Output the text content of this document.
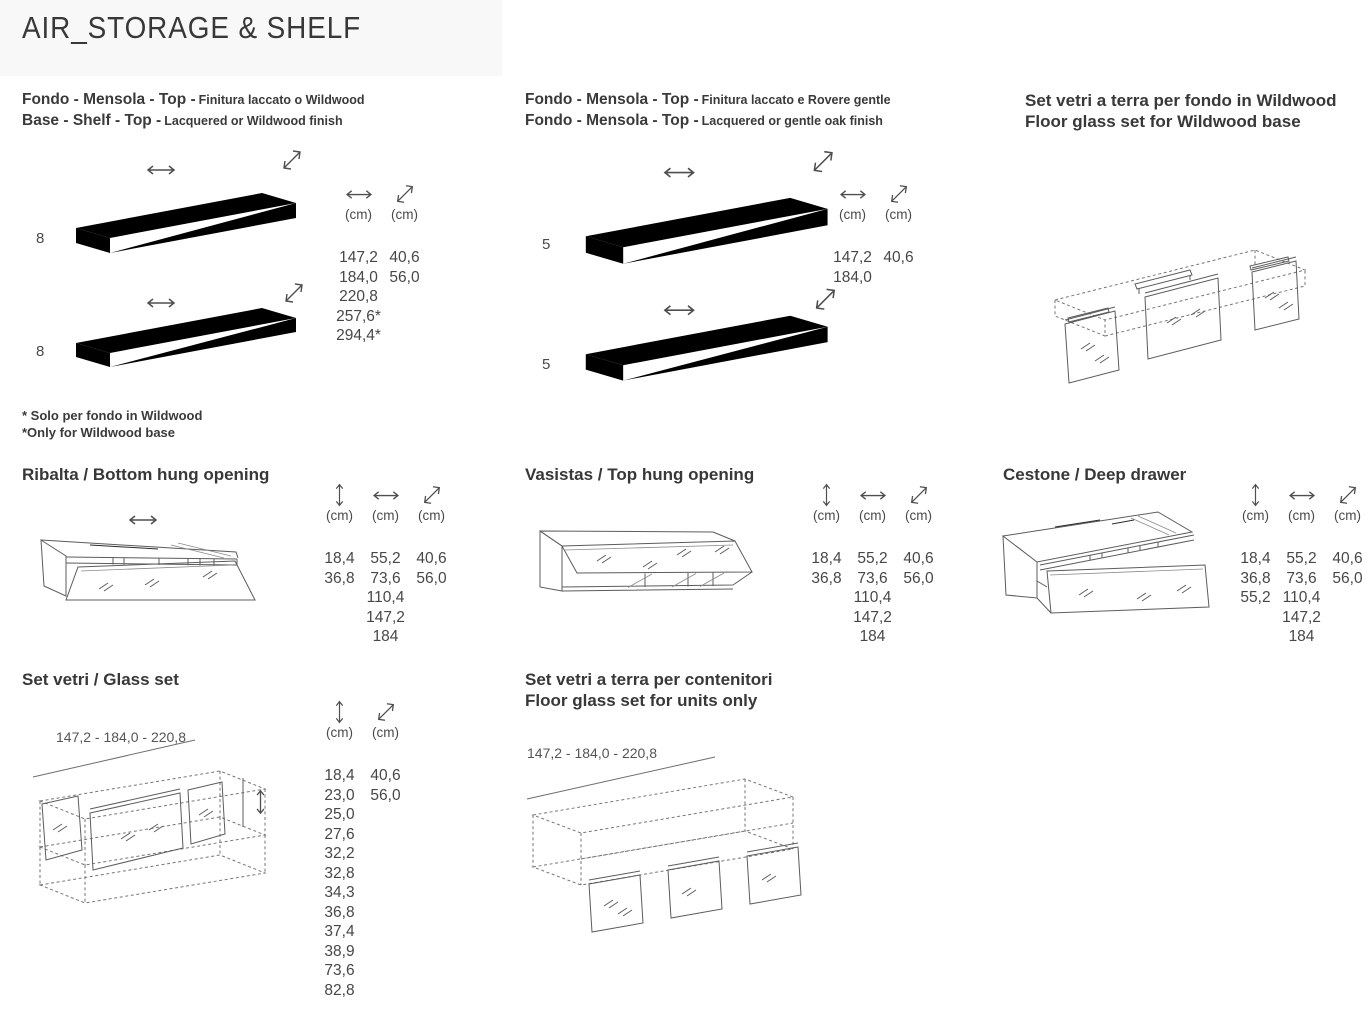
AIR_STORAGE & SHELF
Fondo - Mensola - Top - Finitura laccato o Wildwood
Base - Shelf - Top - Lacquered or Wildwood finish
8
(cm)
147,2
184,0
220,8
257,6*
294,4*
(cm)
40,6
56,0
8
* Solo per fondo in Wildwood
*Only for Wildwood base
Fondo - Mensola - Top - Finitura laccato e Rovere gentle
Fondo - Mensola - Top - Lacquered or gentle oak finish
5
(cm)
147,2
184,0
(cm)
40,6
5
Set vetri a terra per fondo in Wildwood
Floor glass set for Wildwood base
Ribalta / Bottom hung opening
(cm)
18,4
36,8
(cm)
55,2
73,6
110,4
147,2
184
(cm)
40,6
56,0
Vasistas / Top hung opening
(cm)
18,4
36,8
(cm)
55,2
73,6
110,4
147,2
184
(cm)
40,6
56,0
Cestone / Deep drawer
(cm)
18,4
36,8
55,2
(cm)
55,2
73,6
110,4
147,2
184
(cm)
40,6
56,0
Set vetri / Glass set
147,2 - 184,0 - 220,8	(cm)
18,4
23,0
25,0
27,6
32,2
32,8
34,3
36,8
37,4
38,9
73,6
82,8
(cm)
40,6
56,0
Set vetri a terra per contenitori
Floor glass set for units only
147,2 - 184,0 - 220,8
